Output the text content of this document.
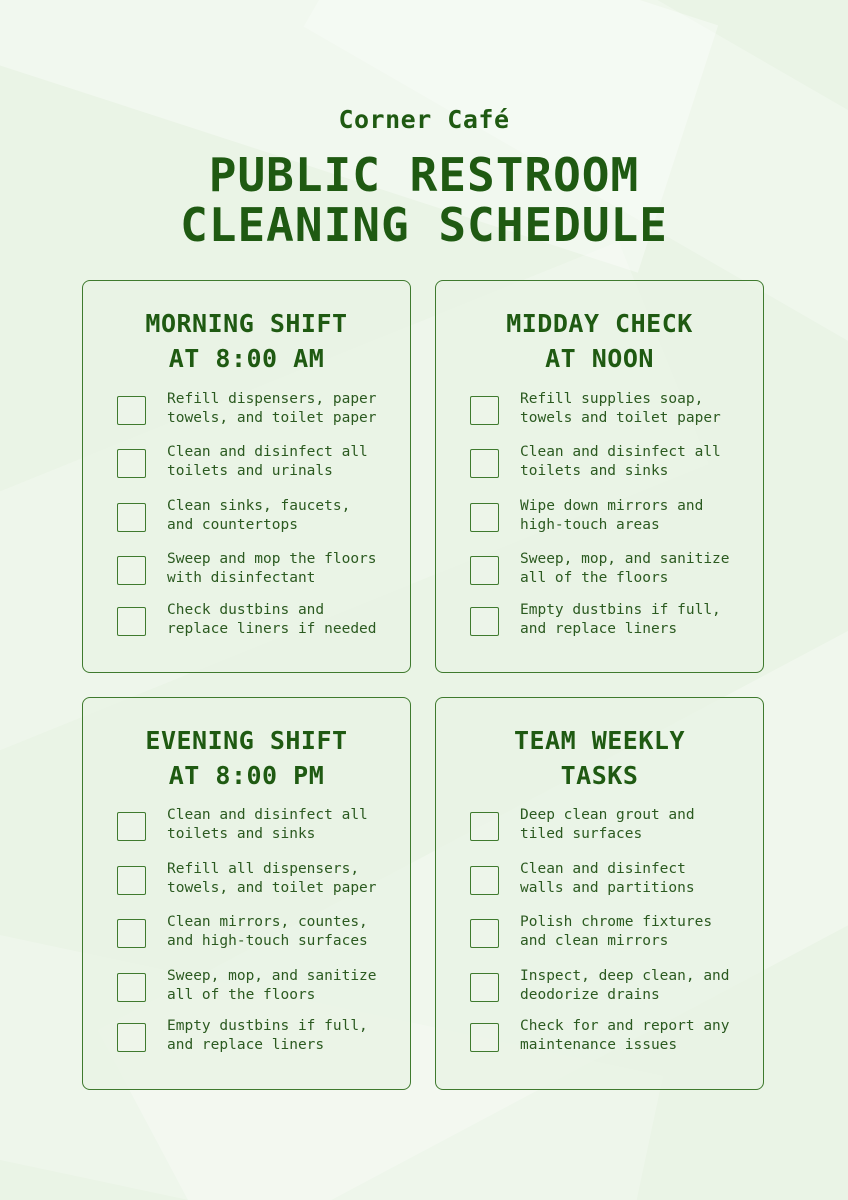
Corner Café
PUBLIC RESTROOM
CLEANING SCHEDULE
MORNING SHIFT
AT 8:00 AM
Refill dispensers, paper
towels, and toilet paper
Clean and disinfect all
toilets and urinals
Clean sinks, faucets,
and countertops
Sweep and mop the floors
with disinfectant
Check dustbins and
replace liners if needed
MIDDAY CHECK
AT NOON
Refill supplies soap,
towels and toilet paper
Clean and disinfect all
toilets and sinks
Wipe down mirrors and
high-touch areas
Sweep, mop, and sanitize
all of the floors
Empty dustbins if full,
and replace liners
EVENING SHIFT
AT 8:00 PM
Clean and disinfect all
toilets and sinks
Refill all dispensers,
towels, and toilet paper
Clean mirrors, countes,
and high-touch surfaces
Sweep, mop, and sanitize
all of the floors
Empty dustbins if full,
and replace liners
TEAM WEEKLY
TASKS
Deep clean grout and
tiled surfaces
Clean and disinfect
walls and partitions
Polish chrome fixtures
and clean mirrors
Inspect, deep clean, and
deodorize drains
Check for and report any
maintenance issues
